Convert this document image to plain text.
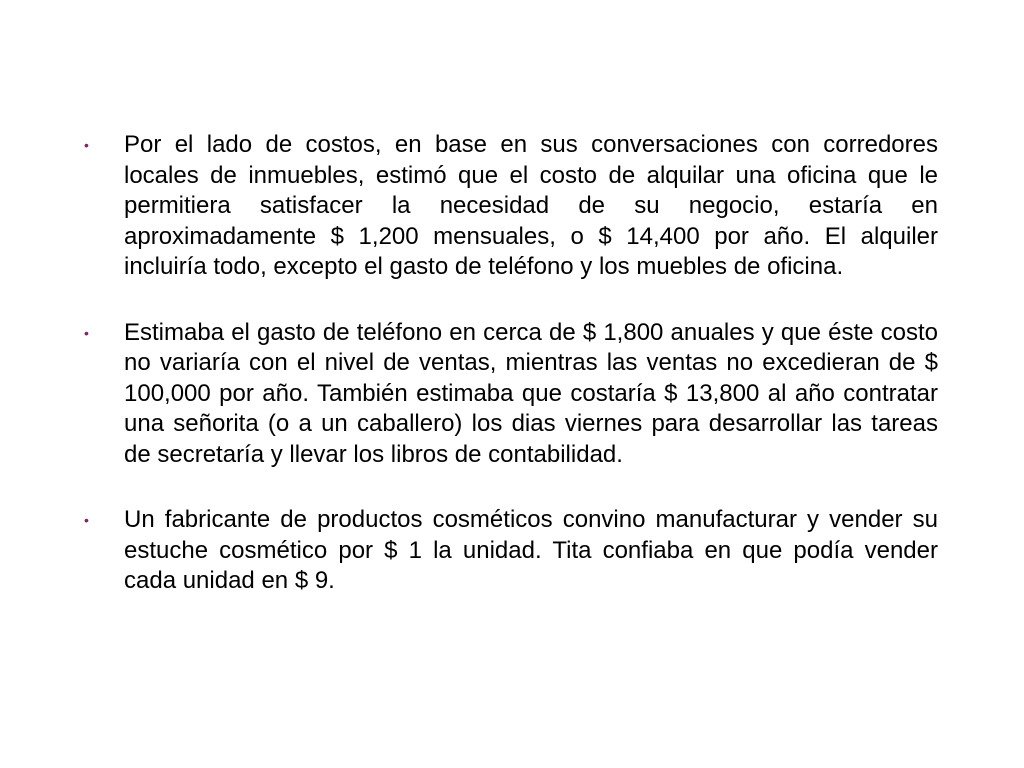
• Por el lado de costos, en base en sus conversaciones con corredores locales de inmuebles, estimó que el costo de alquilar una oficina que le permitiera satisfacer la necesidad de su negocio, estaría en aproximadamente $ 1,200 mensuales, o $ 14,400 por año. El alquiler incluiría todo, excepto el gasto de teléfono y los muebles de oficina.
• Estimaba el gasto de teléfono en cerca de $ 1,800 anuales y que éste costo no variaría con el nivel de ventas, mientras las ventas no excedieran de $ 100,000 por año. También estimaba que costaría $ 13,800 al año contratar una señorita (o a un caballero) los dias viernes para desarrollar las tareas de secretaría y llevar los libros de contabilidad.
• Un fabricante de productos cosméticos convino manufacturar y vender su estuche cosmético por $ 1 la unidad. Tita confiaba en que podía vender cada unidad en $ 9.
